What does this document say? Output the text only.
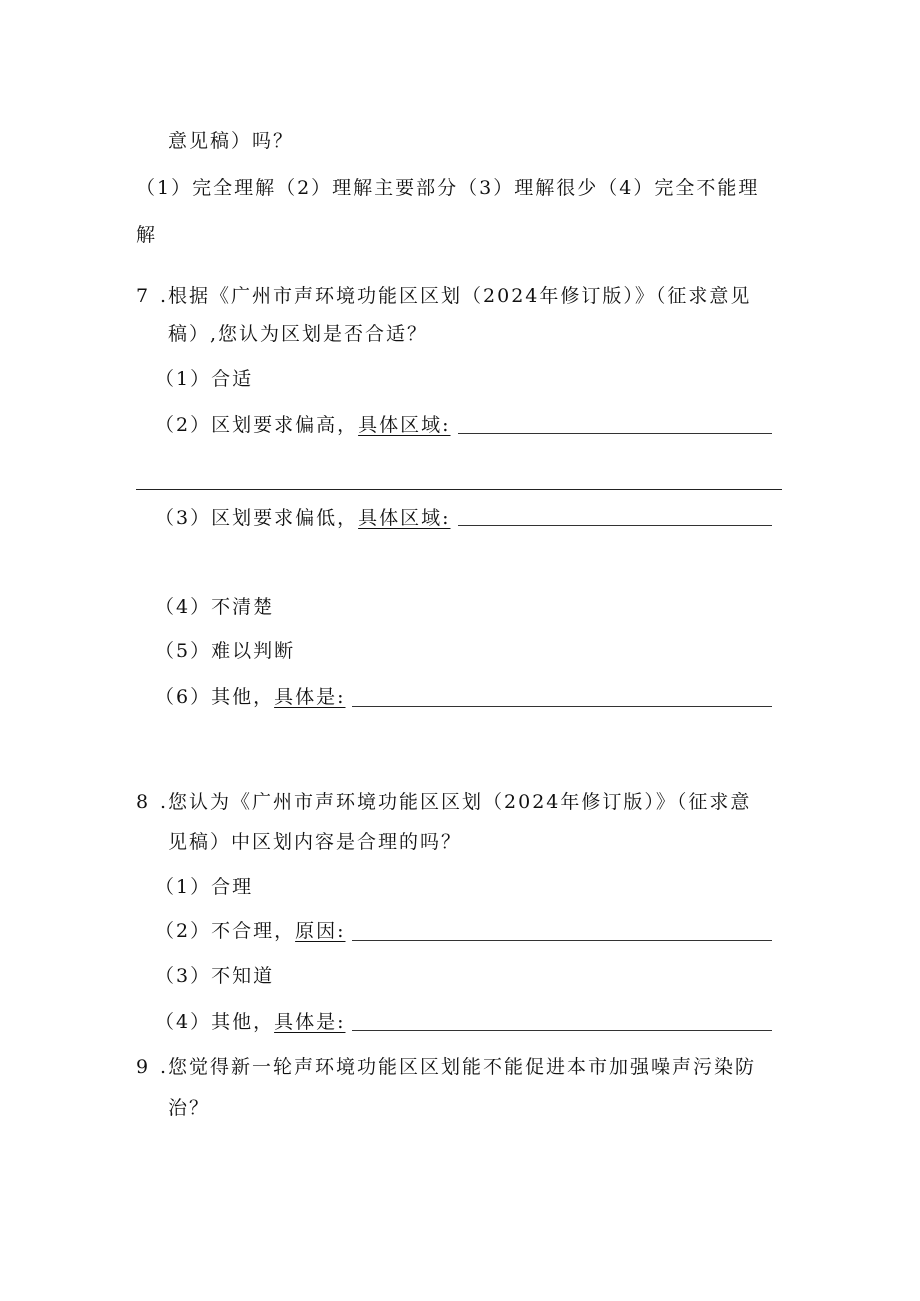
意见稿）吗？
（1）完全理解（2）理解主要部分（3）理解很少（4）完全不能理
解
7 .根据《广州市声环境功能区区划（2024年修订版）》（征求意见
稿）,您认为区划是否合适？
（1）合适
（2）区划要求偏高，具体区域:
（3）区划要求偏低，具体区域:
（4）不清楚
（5）难以判断
（6）其他，具体是:
8 .您认为《广州市声环境功能区区划（2024年修订版）》（征求意
见稿）中区划内容是合理的吗？
（1）合理
（2）不合理，原因:
（3）不知道
（4）其他，具体是:
9 .您觉得新一轮声环境功能区区划能不能促进本市加强噪声污染防
治？
